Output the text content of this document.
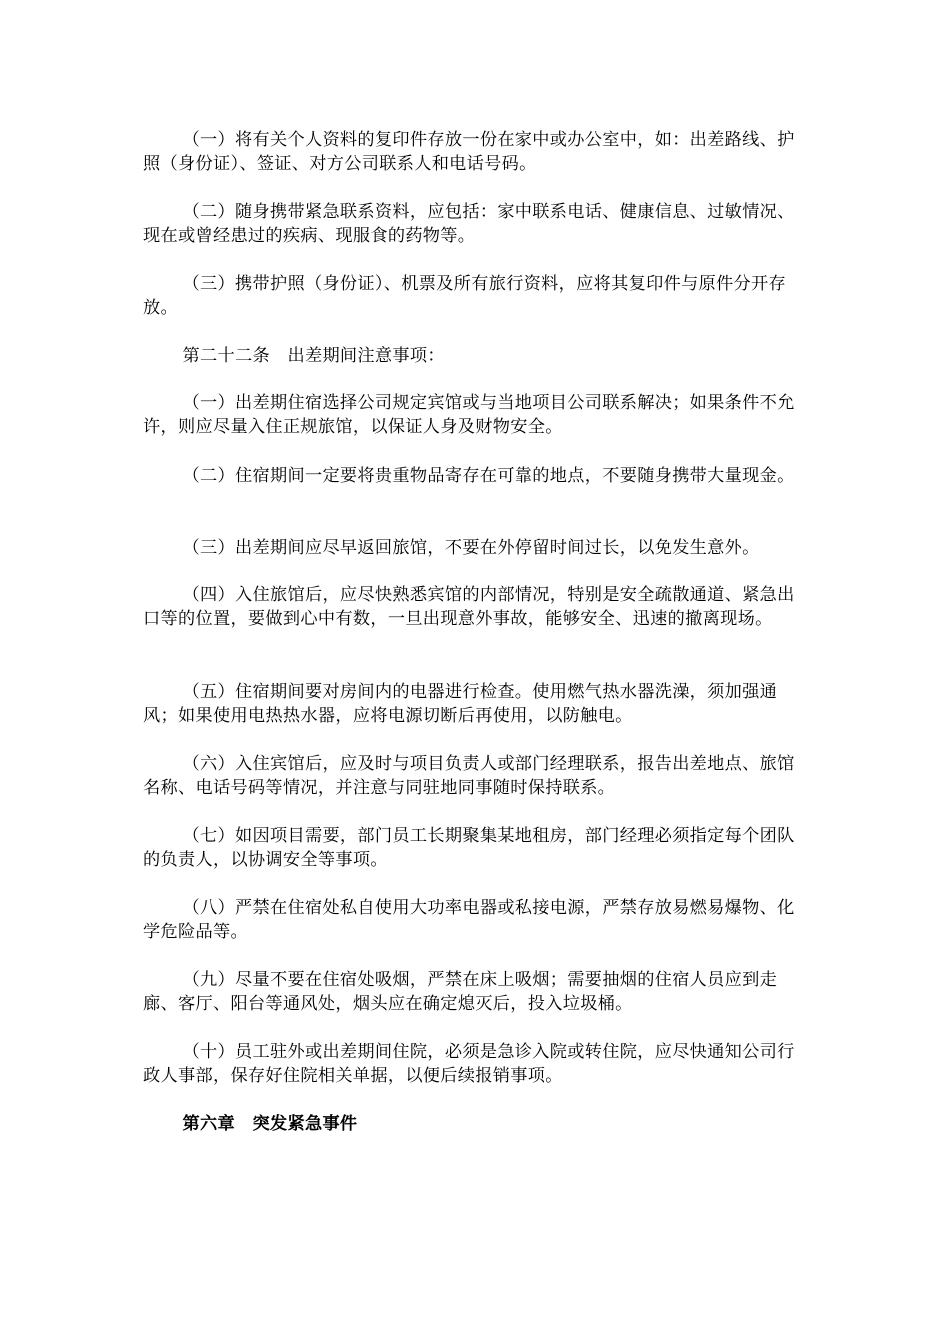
（一）将有关个人资料的复印件存放一份在家中或办公室中，如：出差路线、护照（身份证）、签证、对方公司联系人和电话号码。

（二）随身携带紧急联系资料，应包括：家中联系电话、健康信息、过敏情况、现在或曾经患过的疾病、现服食的药物等。

（三）携带护照（身份证）、机票及所有旅行资料，应将其复印件与原件分开存放。

第二十二条　出差期间注意事项：

（一）出差期住宿选择公司规定宾馆或与当地项目公司联系解决；如果条件不允许，则应尽量入住正规旅馆，以保证人身及财物安全。

（二）住宿期间一定要将贵重物品寄存在可靠的地点，不要随身携带大量现金。

（三）出差期间应尽早返回旅馆，不要在外停留时间过长，以免发生意外。

（四）入住旅馆后，应尽快熟悉宾馆的内部情况，特别是安全疏散通道、紧急出口等的位置，要做到心中有数，一旦出现意外事故，能够安全、迅速的撤离现场。

（五）住宿期间要对房间内的电器进行检查。使用燃气热水器洗澡，须加强通风；如果使用电热热水器，应将电源切断后再使用，以防触电。

（六）入住宾馆后，应及时与项目负责人或部门经理联系，报告出差地点、旅馆名称、电话号码等情况，并注意与同驻地同事随时保持联系。

（七）如因项目需要，部门员工长期聚集某地租房，部门经理必须指定每个团队的负责人，以协调安全等事项。

（八）严禁在住宿处私自使用大功率电器或私接电源，严禁存放易燃易爆物、化学危险品等。

（九）尽量不要在住宿处吸烟，严禁在床上吸烟；需要抽烟的住宿人员应到走廊、客厅、阳台等通风处，烟头应在确定熄灭后，投入垃圾桶。

（十）员工驻外或出差期间住院，必须是急诊入院或转住院，应尽快通知公司行政人事部，保存好住院相关单据，以便后续报销事项。

第六章　突发紧急事件
